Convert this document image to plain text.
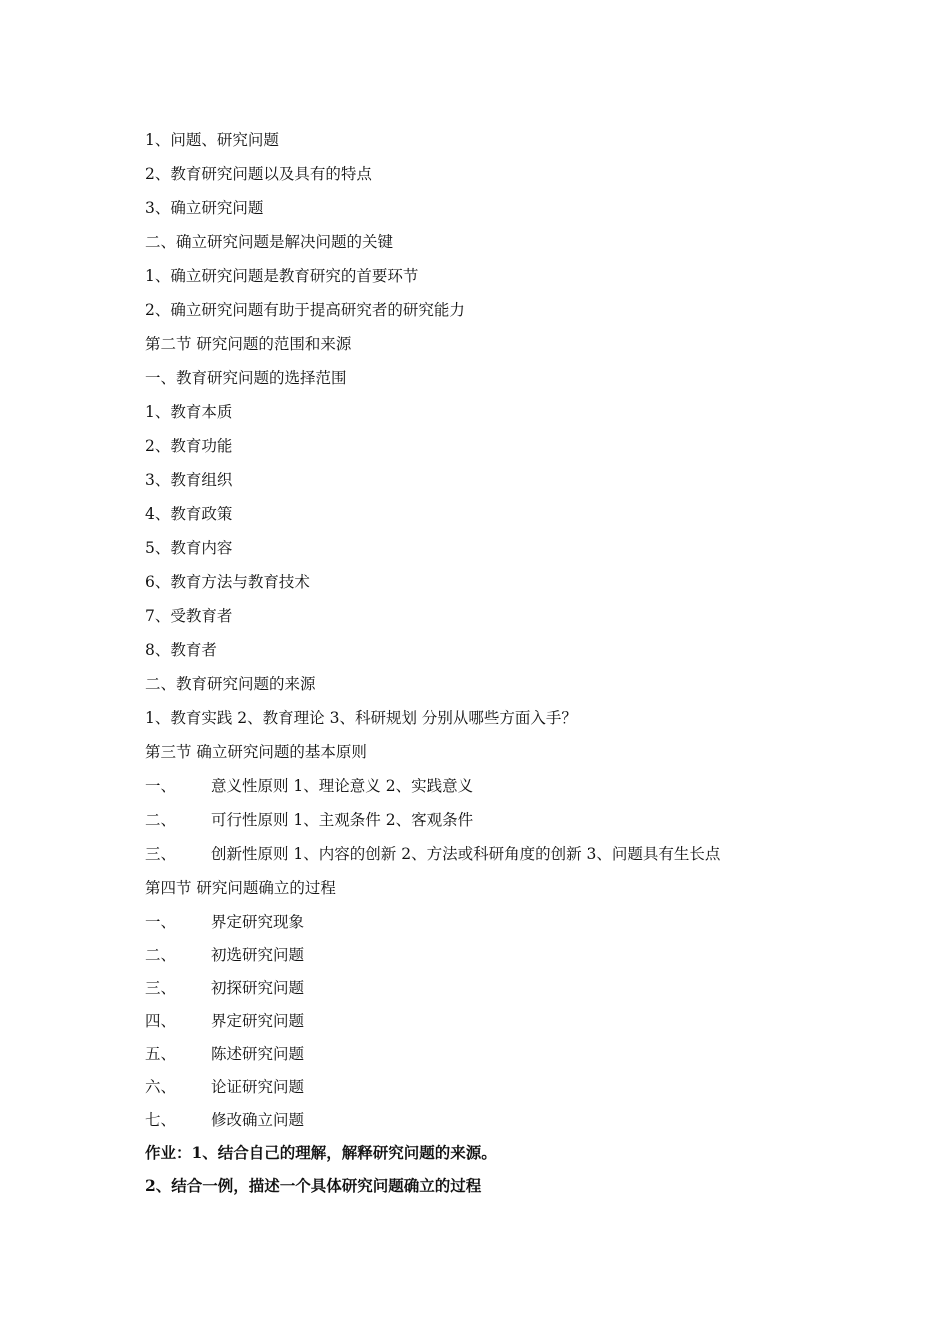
1、问题、研究问题
2、教育研究问题以及具有的特点
3、确立研究问题
二、确立研究问题是解决问题的关键
1、确立研究问题是教育研究的首要环节
2、确立研究问题有助于提高研究者的研究能力
第二节 研究问题的范围和来源
一、教育研究问题的选择范围
1、教育本质
2、教育功能
3、教育组织
4、教育政策
5、教育内容
6、教育方法与教育技术
7、受教育者
8、教育者
二、教育研究问题的来源
1、教育实践 2、教育理论 3、科研规划 分别从哪些方面入手？
第三节 确立研究问题的基本原则
一、	意义性原则 1、理论意义 2、实践意义
二、	可行性原则 1、主观条件 2、客观条件
三、	创新性原则 1、内容的创新 2、方法或科研角度的创新 3、问题具有生长点
第四节 研究问题确立的过程
一、	界定研究现象
二、	初选研究问题
三、	初探研究问题
四、	界定研究问题
五、	陈述研究问题
六、	论证研究问题
七、	修改确立问题
作业：1、结合自己的理解，解释研究问题的来源。
2、结合一例，描述一个具体研究问题确立的过程
